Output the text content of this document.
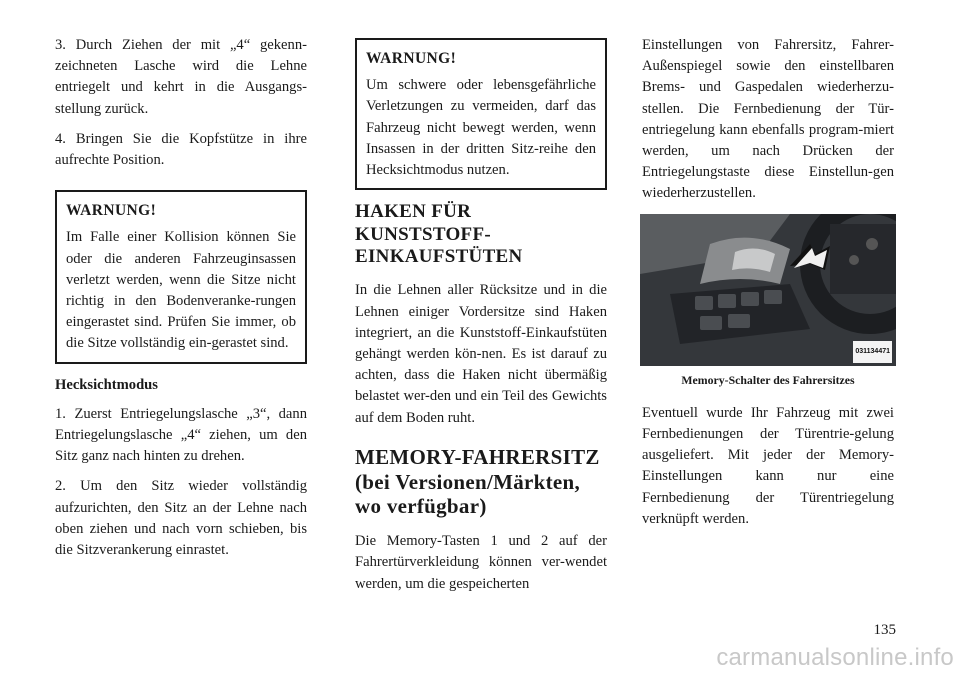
3. Durch Ziehen der mit „4“ gekenn-zeichneten Lasche wird die Lehne entriegelt und kehrt in die Ausgangs-stellung zurück.

4. Bringen Sie die Kopfstütze in ihre aufrechte Position.

WARNUNG!

Im Falle einer Kollision können Sie oder die anderen Fahrzeuginsassen verletzt werden, wenn die Sitze nicht richtig in den Bodenveranke-rungen eingerastet sind. Prüfen Sie immer, ob die Sitze vollständig ein-gerastet sind.

Hecksichtmodus

1. Zuerst Entriegelungslasche „3“, dann Entriegelungslasche „4“ ziehen, um den Sitz ganz nach hinten zu drehen.

2. Um den Sitz wieder vollständig aufzurichten, den Sitz an der Lehne nach oben ziehen und nach vorn schieben, bis die Sitzverankerung einrastet.

WARNUNG!

Um schwere oder lebensgefährliche Verletzungen zu vermeiden, darf das Fahrzeug nicht bewegt werden, wenn Insassen in der dritten Sitz-reihe den Hecksichtmodus nutzen.

HAKEN FÜR KUNSTSTOFF-EINKAUFSTÜTEN

In die Lehnen aller Rücksitze und in die Lehnen einiger Vordersitze sind Haken integriert, an die Kunststoff-Einkaufstüten gehängt werden kön-nen. Es ist darauf zu achten, dass die Haken nicht übermäßig belastet wer-den und ein Teil des Gewichts auf dem Boden ruht.

MEMORY-FAHRERSITZ (bei Versionen/Märkten, wo verfügbar)

Die Memory-Tasten 1 und 2 auf der Fahrertürverkleidung können ver-wendet werden, um die gespeicherten

Einstellungen von Fahrersitz, Fahrer-Außenspiegel sowie den einstellbaren Brems- und Gaspedalen wiederherzu-stellen. Die Fernbedienung der Tür-entriegelung kann ebenfalls program-miert werden, um nach Drücken der Entriegelungstaste diese Einstellun-gen wiederherzustellen.

031134471
Memory-Schalter des Fahrersitzes

Eventuell wurde Ihr Fahrzeug mit zwei Fernbedienungen der Türentrie-gelung ausgeliefert. Mit jeder der Memory-Einstellungen kann nur eine Fernbedienung der Türentriegelung verknüpft werden.

135
carmanualsonline.info
